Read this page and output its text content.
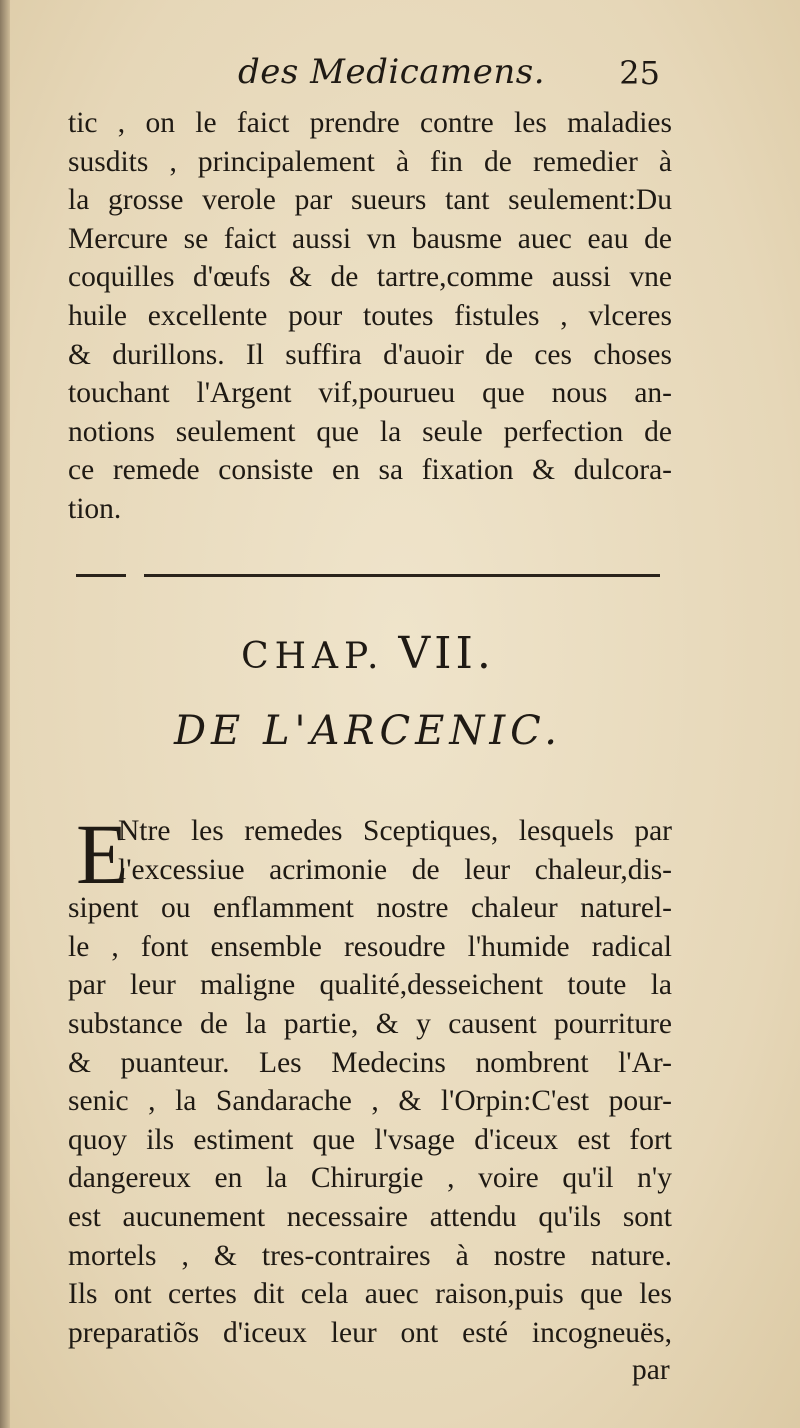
des Medicamens. 25
tic , on le faict prendre contre les maladies
susdits , principalement à fin de remedier à
la grosse verole par sueurs tant seulement:Du
Mercure se faict aussi vn bausme auec eau de
coquilles d'œufs & de tartre,comme aussi vne
huile excellente pour toutes fistules , vlceres
& durillons. Il suffira d'auoir de ces choses
touchant l'Argent vif,pourueu que nous an-
notions seulement que la seule perfection de
ce remede consiste en sa fixation & dulcora-
tion.
CHAP. VII.
DE L'ARCENIC.
E
Ntre les remedes Sceptiques, lesquels par
l'excessiue acrimonie de leur chaleur,dis-
sipent ou enflamment nostre chaleur naturel-
le , font ensemble resoudre l'humide radical
par leur maligne qualité,desseichent toute la
substance de la partie, & y causent pourriture
& puanteur. Les Medecins nombrent l'Ar-
senic , la Sandarache , & l'Orpin:C'est pour-
quoy ils estiment que l'vsage d'iceux est fort
dangereux en la Chirurgie , voire qu'il n'y
est aucunement necessaire attendu qu'ils sont
mortels , & tres-contraires à nostre nature.
Ils ont certes dit cela auec raison,puis que les
preparatiõs d'iceux leur ont esté incogneuës,
par
